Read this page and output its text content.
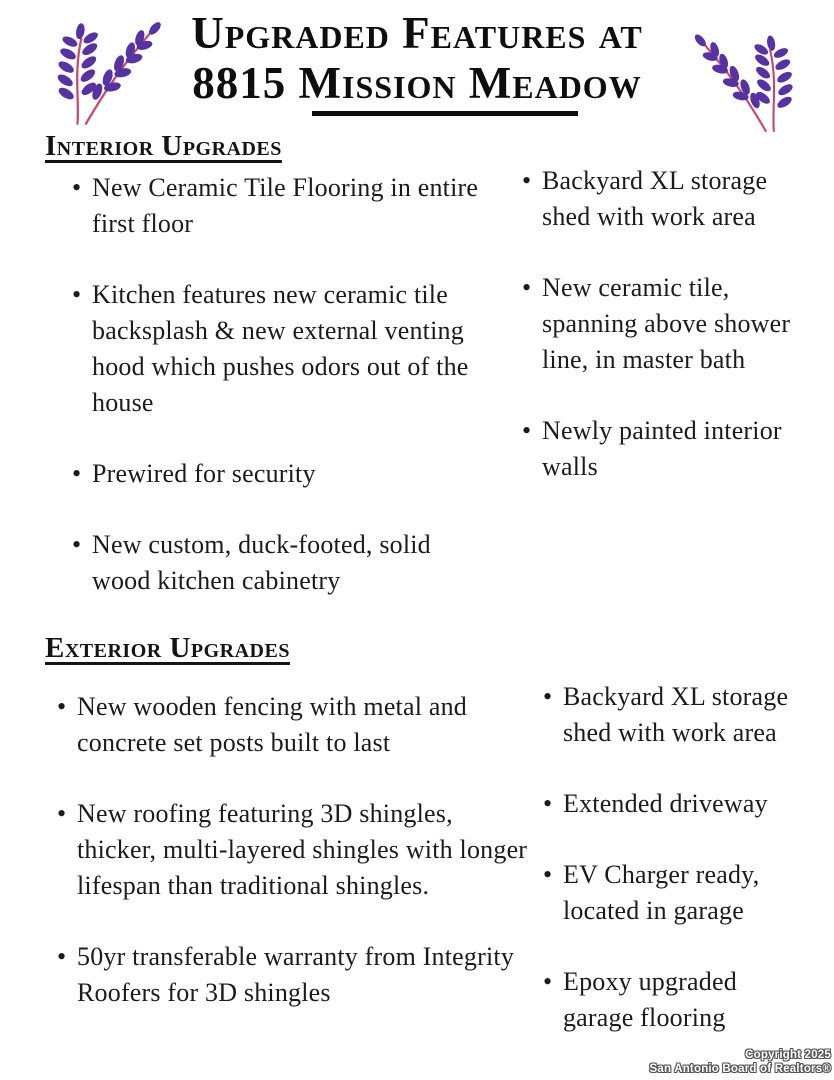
Upgraded Features at
8815 Mission Meadow
Interior Upgrades
• New Ceramic Tile Flooring in entire first floor
• Kitchen features new ceramic tile backsplash & new external venting hood which pushes odors out of the house
• Prewired for security
• New custom, duck-footed, solid wood kitchen cabinetry
• Backyard XL storage shed with work area
• New ceramic tile, spanning above shower line, in master bath
• Newly painted interior walls
Exterior Upgrades
• New wooden fencing with metal and concrete set posts built to last
• New roofing featuring 3D shingles, thicker, multi-layered shingles with longer lifespan than traditional shingles.
• 50yr transferable warranty from Integrity Roofers for 3D shingles
• Backyard XL storage shed with work area
• Extended driveway
• EV Charger ready, located in garage
• Epoxy upgraded garage flooring
Copyright 2025
San Antonio Board of Realtors®
